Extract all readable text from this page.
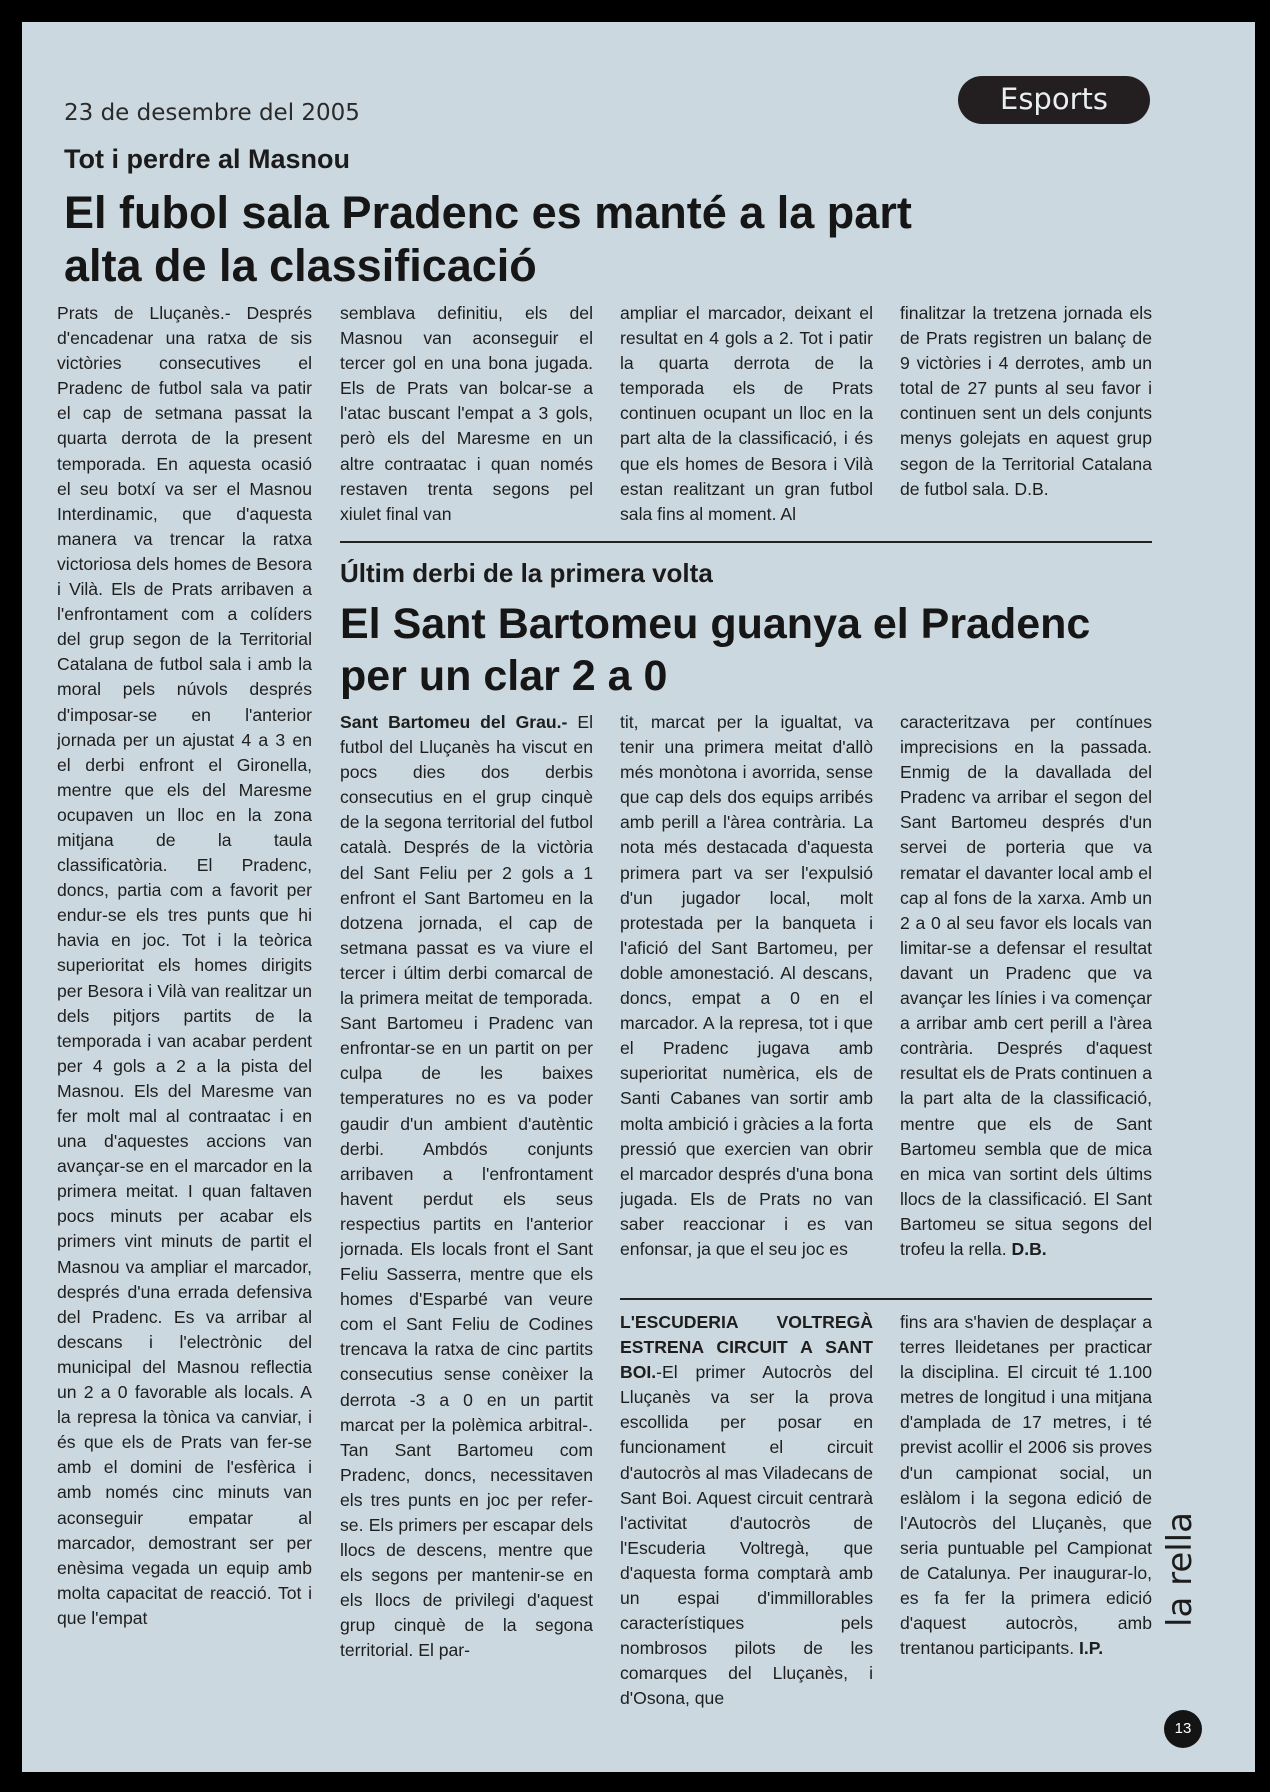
23 de desembre del 2005	Esports
Tot i perdre al Masnou
El fubol sala Pradenc es manté a la part alta de la classificació
Prats de Lluçanès.- Després d'encadenar una ratxa de sis victòries consecutives el Pradenc de futbol sala va patir el cap de setmana passat la quarta derrota de la present temporada. En aquesta ocasió el seu botxí va ser el Masnou Interdinamic, que d'aquesta manera va trencar la ratxa victoriosa dels homes de Besora i Vilà. Els de Prats arribaven a l'enfrontament com a colíders del grup segon de la Territorial Catalana de futbol sala i amb la moral pels núvols després d'imposar-se en l'anterior jornada per un ajustat 4 a 3 en el derbi enfront el Gironella, mentre que els del Maresme ocupaven un lloc en la zona mitjana de la taula classificatòria. El Pradenc, doncs, partia com a favorit per endur-se els tres punts que hi havia en joc. Tot i la teòrica superioritat els homes dirigits per Besora i Vilà van realitzar un dels pitjors partits de la temporada i van acabar perdent per 4 gols a 2 a la pista del Masnou. Els del Maresme van fer molt mal al contraatac i en una d'aquestes accions van avançar-se en el marcador en la primera meitat. I quan faltaven pocs minuts per acabar els primers vint minuts de partit el Masnou va ampliar el marcador, després d'una errada defensiva del Pradenc. Es va arribar al descans i l'electrònic del municipal del Masnou reflectia un 2 a 0 favorable als locals. A la represa la tònica va canviar, i és que els de Prats van fer-se amb el domini de l'esfèrica i amb només cinc minuts van aconseguir empatar al marcador, demostrant ser per enèsima vegada un equip amb molta capacitat de reacció. Tot i que l'empat
semblava definitiu, els del Masnou van aconseguir el tercer gol en una bona jugada. Els de Prats van bolcar-se a l'atac buscant l'empat a 3 gols, però els del Maresme en un altre contraatac i quan només restaven trenta segons pel xiulet final van
ampliar el marcador, deixant el resultat en 4 gols a 2. Tot i patir la quarta derrota de la temporada els de Prats continuen ocupant un lloc en la part alta de la classificació, i és que els homes de Besora i Vilà estan realitzant un gran futbol sala fins al moment. Al
finalitzar la tretzena jornada els de Prats registren un balanç de 9 victòries i 4 derrotes, amb un total de 27 punts al seu favor i continuen sent un dels conjunts menys golejats en aquest grup segon de la Territorial Catalana de futbol sala. D.B.
Últim derbi de la primera volta
El Sant Bartomeu guanya el Pradenc per un clar 2 a 0
Sant Bartomeu del Grau.- El futbol del Lluçanès ha viscut en pocs dies dos derbis consecutius en el grup cinquè de la segona territorial del futbol català. Després de la victòria del Sant Feliu per 2 gols a 1 enfront el Sant Bartomeu en la dotzena jornada, el cap de setmana passat es va viure el tercer i últim derbi comarcal de la primera meitat de temporada. Sant Bartomeu i Pradenc van enfrontar-se en un partit on per culpa de les baixes temperatures no es va poder gaudir d'un ambient d'autèntic derbi. Ambdós conjunts arribaven a l'enfrontament havent perdut els seus respectius partits en l'anterior jornada. Els locals front el Sant Feliu Sasserra, mentre que els homes d'Esparbé van veure com el Sant Feliu de Codines trencava la ratxa de cinc partits consecutius sense conèixer la derrota -3 a 0 en un partit marcat per la polèmica arbitral-. Tan Sant Bartomeu com Pradenc, doncs, necessitaven els tres punts en joc per refer-se. Els primers per escapar dels llocs de descens, mentre que els segons per mantenir-se en els llocs de privilegi d'aquest grup cinquè de la segona territorial. El par-
tit, marcat per la igualtat, va tenir una primera meitat d'allò més monòtona i avorrida, sense que cap dels dos equips arribés amb perill a l'àrea contrària. La nota més destacada d'aquesta primera part va ser l'expulsió d'un jugador local, molt protestada per la banqueta i l'afició del Sant Bartomeu, per doble amonestació. Al descans, doncs, empat a 0 en el marcador. A la represa, tot i que el Pradenc jugava amb superioritat numèrica, els de Santi Cabanes van sortir amb molta ambició i gràcies a la forta pressió que exercien van obrir el marcador després d'una bona jugada. Els de Prats no van saber reaccionar i es van enfonsar, ja que el seu joc es
caracteritzava per contínues imprecisions en la passada. Enmig de la davallada del Pradenc va arribar el segon del Sant Bartomeu després d'un servei de porteria que va rematar el davanter local amb el cap al fons de la xarxa. Amb un 2 a 0 al seu favor els locals van limitar-se a defensar el resultat davant un Pradenc que va avançar les línies i va començar a arribar amb cert perill a l'àrea contrària. Després d'aquest resultat els de Prats continuen a la part alta de la classificació, mentre que els de Sant Bartomeu sembla que de mica en mica van sortint dels últims llocs de la classificació. El Sant Bartomeu se situa segons del trofeu la rella. D.B.
L'ESCUDERIA VOLTREGÀ ESTRENA CIRCUIT A SANT BOI.-El primer Autocròs del Lluçanès va ser la prova escollida per posar en funcionament el circuit d'autocròs al mas Viladecans de Sant Boi. Aquest circuit centrarà l'activitat d'autocròs de l'Escuderia Voltregà, que d'aquesta forma comptarà amb un espai d'immillorables característiques pels nombrosos pilots de les comarques del Lluçanès, i d'Osona, que
fins ara s'havien de desplaçar a terres lleidetanes per practicar la disciplina. El circuit té 1.100 metres de longitud i una mitjana d'amplada de 17 metres, i té previst acollir el 2006 sis proves d'un campionat social, un eslàlom i la segona edició de l'Autocròs del Lluçanès, que seria puntuable pel Campionat de Catalunya. Per inaugurar-lo, es fa fer la primera edició d'aquest autocròs, amb trentanou participants. I.P.
la rella
13
